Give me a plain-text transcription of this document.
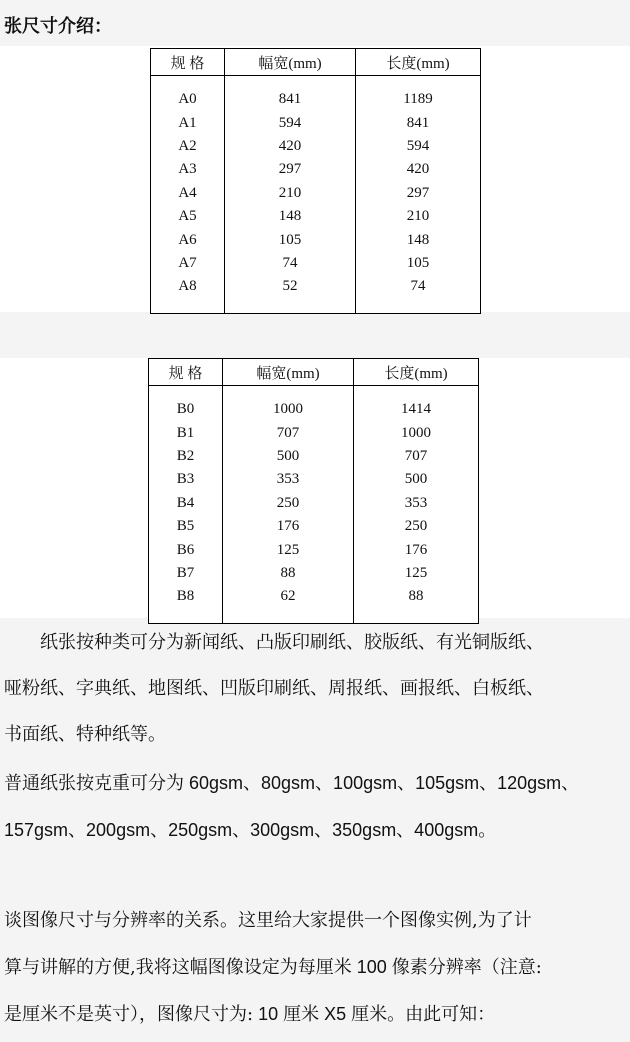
张尺寸介绍：
规 格	幅宽(mm)	长度(mm)

A0	841	1189
A1	594	841
A2	420	594
A3	297	420
A4	210	297
A5	148	210
A6	105	148
A7	74	105
A8	52	74

规 格	幅宽(mm)	长度(mm)

B0	1000	1414
B1	707	1000
B2	500	707
B3	353	500
B4	250	353
B5	176	250
B6	125	176
B7	88	125
B8	62	88

　　纸张按种类可分为新闻纸、凸版印刷纸、胶版纸、有光铜版纸、
哑粉纸、字典纸、地图纸、凹版印刷纸、周报纸、画报纸、白板纸、
书面纸、特种纸等。
普通纸张按克重可分为 60gsm、80gsm、100gsm、105gsm、120gsm、
157gsm、200gsm、250gsm、300gsm、350gsm、400gsm。
谈图像尺寸与分辨率的关系。这里给大家提供一个图像实例,为了计
算与讲解的方便,我将这幅图像设定为每厘米 100 像素分辨率（注意:
是厘米不是英寸），图像尺寸为: 10 厘米 X5 厘米。由此可知：
